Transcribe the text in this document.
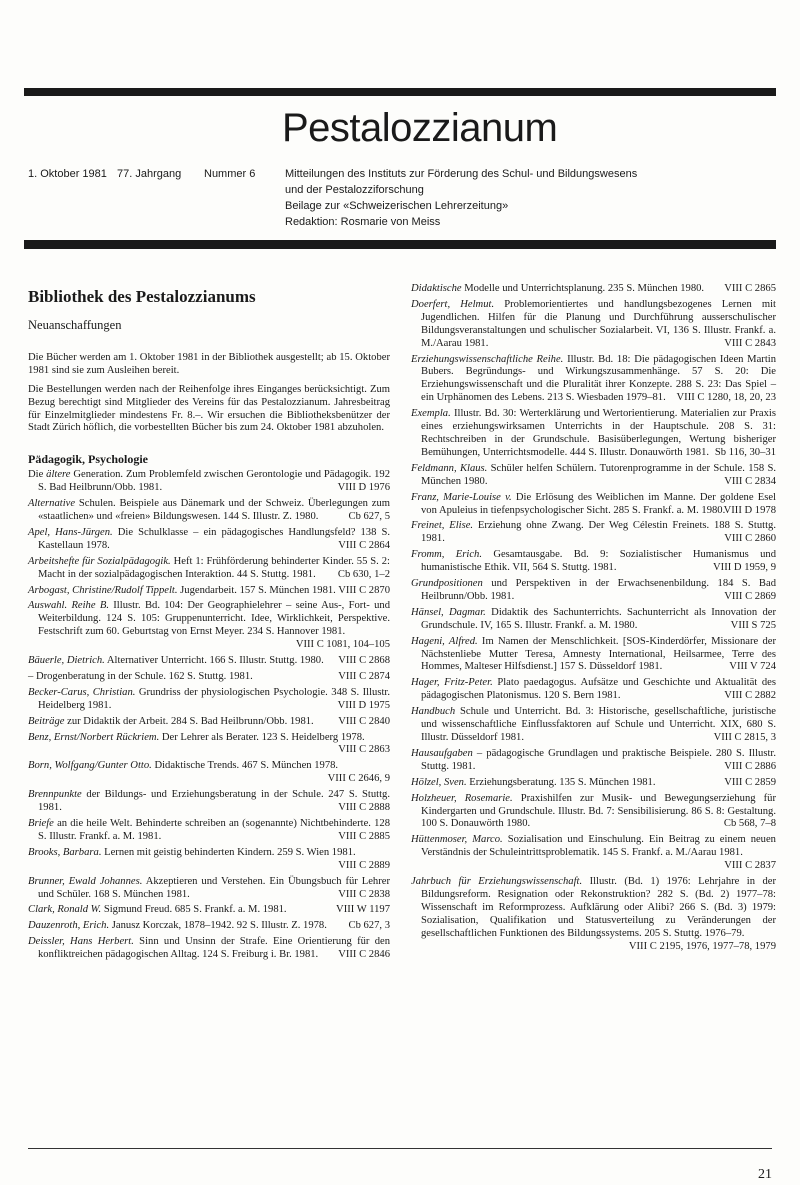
Pestalozzianum
1. Oktober 1981 77. Jahrgang Nummer 6	Mitteilungen des Instituts zur Förderung des Schul- und Bildungswesens
und der Pestalozziforschung
Beilage zur «Schweizerischen Lehrerzeitung»
Redaktion: Rosmarie von Meiss
Bibliothek des Pestalozzianums
Neuanschaffungen

Die Bücher werden am 1. Oktober 1981 in der Bibliothek ausgestellt; ab 15. Oktober 1981 sind sie zum Ausleihen bereit.

Die Bestellungen werden nach der Reihenfolge ihres Einganges berücksichtigt. Zum Bezug berechtigt sind Mitglieder des Vereins für das Pestalozzianum. Jahresbeitrag für Einzelmitglieder mindestens Fr. 8.–. Wir ersuchen die Bibliotheksbenützer der Stadt Zürich höflich, die vorbestellten Bücher bis zum 24. Oktober 1981 abzuholen.

Pädagogik, Psychologie

Die ältere Generation. Zum Problemfeld zwischen Gerontologie und Pädagogik. 192 S. Bad Heilbrunn/Obb. 1981.	VIII D 1976

Alternative Schulen. Beispiele aus Dänemark und der Schweiz. Überlegungen zum «staatlichen» und «freien» Bildungswesen. 144 S. Illustr. Z. 1980.	Cb 627, 5

Apel, Hans-Jürgen. Die Schulklasse – ein pädagogisches Handlungsfeld? 138 S. Kastellaun 1978.	VIII C 2864

Arbeitshefte für Sozialpädagogik. Heft 1: Frühförderung behinderter Kinder. 55 S. 2: Macht in der sozialpädagogischen Interaktion. 44 S. Stuttg. 1981. Cb 630, 1–2

Arbogast, Christine/Rudolf Tippelt. Jugendarbeit. 157 S. München 1981. VIII C 2870

Auswahl. Reihe B. Illustr. Bd. 104: Der Geographielehrer – seine Aus-, Fort- und Weiterbildung. 124 S. 105: Gruppenunterricht. Idee, Wirklichkeit, Perspektive. Festschrift zum 60. Geburtstag von Ernst Meyer. 234 S. Hannover 1981.
VIII C 1081, 104–105

Bäuerle, Dietrich. Alternativer Unterricht. 166 S. Illustr. Stuttg. 1980. VIII C 2868

– Drogenberatung in der Schule. 162 S. Stuttg. 1981.	VIII C 2874

Becker-Carus, Christian. Grundriss der physiologischen Psychologie. 348 S. Illustr. Heidelberg 1981.	VIII D 1975

Beiträge zur Didaktik der Arbeit. 284 S. Bad Heilbrunn/Obb. 1981. VIII C 2840

Benz, Ernst/Norbert Rückriem. Der Lehrer als Berater. 123 S. Heidelberg 1978.
VIII C 2863

Born, Wolfgang/Gunter Otto. Didaktische Trends. 467 S. München 1978.
VIII C 2646, 9

Brennpunkte der Bildungs- und Erziehungsberatung in der Schule. 247 S. Stuttg. 1981.	VIII C 2888

Briefe an die heile Welt. Behinderte schreiben an (sogenannte) Nichtbehinderte. 128 S. Illustr. Frankf. a. M. 1981.	VIII C 2885

Brooks, Barbara. Lernen mit geistig behinderten Kindern. 259 S. Wien 1981.
VIII C 2889

Brunner, Ewald Johannes. Akzeptieren und Verstehen. Ein Übungsbuch für Lehrer und Schüler. 168 S. München 1981.	VIII C 2838

Clark, Ronald W. Sigmund Freud. 685 S. Frankf. a. M. 1981.	VIII W 1197

Dauzenroth, Erich. Janusz Korczak, 1878–1942. 92 S. Illustr. Z. 1978. Cb 627, 3

Deissler, Hans Herbert. Sinn und Unsinn der Strafe. Eine Orientierung für den konfliktreichen pädagogischen Alltag. 124 S. Freiburg i. Br. 1981. VIII C 2846

Didaktische Modelle und Unterrichtsplanung. 235 S. München 1980. VIII C 2865

Doerfert, Helmut. Problemorientiertes und handlungsbezogenes Lernen mit Jugendlichen. Hilfen für die Planung und Durchführung ausserschulischer Bildungsveranstaltungen und schulischer Sozialarbeit. VI, 136 S. Illustr. Frankf. a. M./Aarau 1981.	VIII C 2843

Erziehungswissenschaftliche Reihe. Illustr. Bd. 18: Die pädagogischen Ideen Martin Bubers. Begründungs- und Wirkungszusammenhänge. 57 S. 20: Die Erziehungswissenschaft und die Pluralität ihrer Konzepte. 288 S. 23: Das Spiel – ein Urphänomen des Lebens. 213 S. Wiesbaden 1979–81. VIII C 1280, 18, 20, 23

Exempla. Illustr. Bd. 30: Werterklärung und Wertorientierung. Materialien zur Praxis eines erziehungswirksamen Unterrichts in der Hauptschule. 208 S. 31: Rechtschreiben in der Grundschule. Basisüberlegungen, Wertung bisheriger Bemühungen, Unterrichtsmodelle. 444 S. Illustr. Donauwörth 1981. Sb 116, 30–31

Feldmann, Klaus. Schüler helfen Schülern. Tutorenprogramme in der Schule. 158 S. München 1980.	VIII C 2834

Franz, Marie-Louise v. Die Erlösung des Weiblichen im Manne. Der goldene Esel von Apuleius in tiefenpsychologischer Sicht. 285 S. Frankf. a. M. 1980.
VIII D 1978

Freinet, Elise. Erziehung ohne Zwang. Der Weg Célestin Freinets. 188 S. Stuttg. 1981.	VIII C 2860

Fromm, Erich. Gesamtausgabe. Bd. 9: Sozialistischer Humanismus und humanistische Ethik. VII, 564 S. Stuttg. 1981.	VIII D 1959, 9

Grundpositionen und Perspektiven in der Erwachsenenbildung. 184 S. Bad Heilbrunn/Obb. 1981.	VIII C 2869

Hänsel, Dagmar. Didaktik des Sachunterrichts. Sachunterricht als Innovation der Grundschule. IV, 165 S. Illustr. Frankf. a. M. 1980.	VIII S 725

Hageni, Alfred. Im Namen der Menschlichkeit. [SOS-Kinderdörfer, Missionare der Nächstenliebe Mutter Teresa, Amnesty International, Heilsarmee, Terre des Hommes, Malteser Hilfsdienst.] 157 S. Düsseldorf 1981.	VIII V 724

Hager, Fritz-Peter. Plato paedagogus. Aufsätze und Geschichte und Aktualität des pädagogischen Platonismus. 120 S. Bern 1981.	VIII C 2882

Handbuch Schule und Unterricht. Bd. 3: Historische, gesellschaftliche, juristische und wissenschaftliche Einflussfaktoren auf Schule und Unterricht. XIX, 680 S. Illustr. Düsseldorf 1981.	VIII C 2815, 3

Hausaufgaben – pädagogische Grundlagen und praktische Beispiele. 280 S. Illustr. Stuttg. 1981.	VIII C 2886

Hölzel, Sven. Erziehungsberatung. 135 S. München 1981.	VIII C 2859

Holzheuer, Rosemarie. Praxishilfen zur Musik- und Bewegungserziehung für Kindergarten und Grundschule. Illustr. Bd. 7: Sensibilisierung. 86 S. 8: Gestaltung. 100 S. Donauwörth 1980.	Cb 568, 7–8

Hüttenmoser, Marco. Sozialisation und Einschulung. Ein Beitrag zu einem neuen Verständnis der Schuleintrittsproblematik. 145 S. Frankf. a. M./Aarau 1981.
VIII C 2837

Jahrbuch für Erziehungswissenschaft. Illustr. (Bd. 1) 1976: Lehrjahre in der Bildungsreform. Resignation oder Rekonstruktion? 282 S. (Bd. 2) 1977–78: Wissenschaft im Reformprozess. Aufklärung oder Alibi? 266 S. (Bd. 3) 1979: Sozialisation, Qualifikation und Statusverteilung zu Veränderungen der gesellschaftlichen Funktionen des Bildungssystems. 205 S. Stuttg. 1976–79.
VIII C 2195, 1976, 1977–78, 1979

21
